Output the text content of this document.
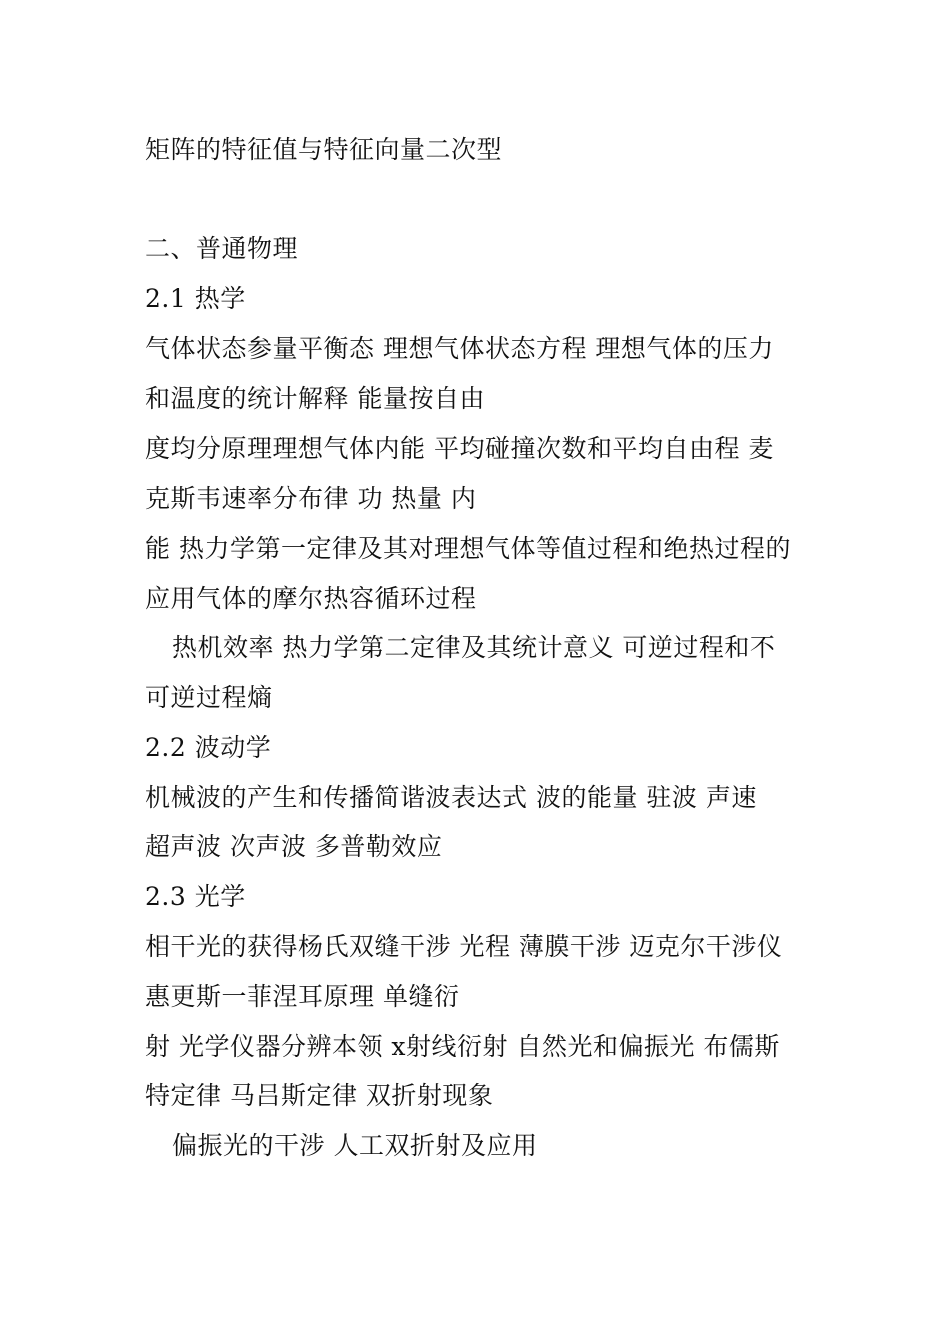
矩阵的特征值与特征向量二次型
二、普通物理
2.1 热学
气体状态参量平衡态 理想气体状态方程 理想气体的压力
和温度的统计解释 能量按自由
度均分原理理想气体内能 平均碰撞次数和平均自由程 麦
克斯韦速率分布律 功 热量 内
能 热力学第一定律及其对理想气体等值过程和绝热过程的
应用气体的摩尔热容循环过程
热机效率 热力学第二定律及其统计意义 可逆过程和不
可逆过程熵
2.2 波动学
机械波的产生和传播简谐波表达式 波的能量 驻波 声速
超声波 次声波 多普勒效应
2.3 光学
相干光的获得杨氏双缝干涉 光程 薄膜干涉 迈克尔干涉仪
惠更斯一菲涅耳原理 单缝衍
射 光学仪器分辨本领 x射线衍射 自然光和偏振光 布儒斯
特定律 马吕斯定律 双折射现象
偏振光的干涉 人工双折射及应用
